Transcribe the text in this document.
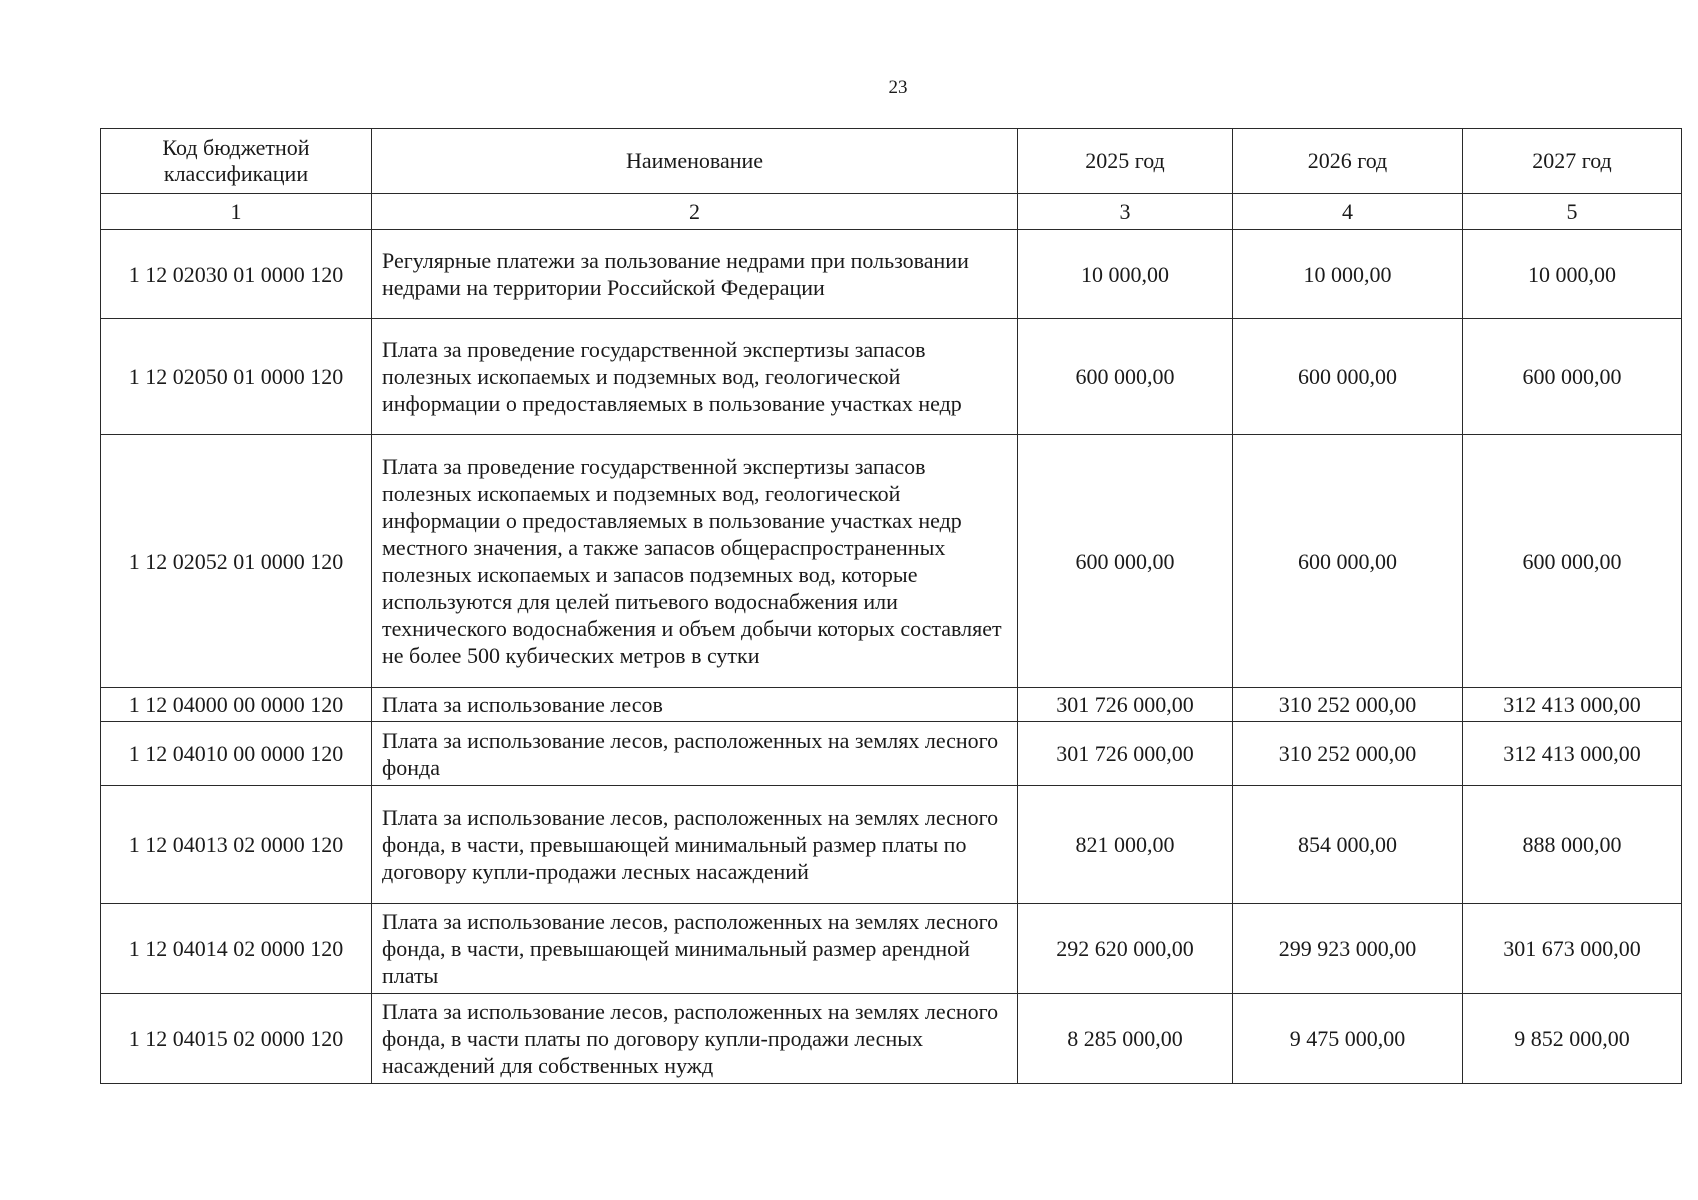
23
Код бюджетной классификации	Наименование	2025 год	2026 год	2027 год
1	2	3	4	5
1 12 02030 01 0000 120	Регулярные платежи за пользование недрами при пользовании недрами на территории Российской Федерации	10 000,00	10 000,00	10 000,00
1 12 02050 01 0000 120	Плата за проведение государственной экспертизы запасов полезных ископаемых и подземных вод, геологической информации о предоставляемых в пользование участках недр	600 000,00	600 000,00	600 000,00
1 12 02052 01 0000 120	Плата за проведение государственной экспертизы запасов полезных ископаемых и подземных вод, геологической информации о предоставляемых в пользование участках недр местного значения, а также запасов общераспространенных полезных ископаемых и запасов подземных вод, которые используются для целей питьевого водоснабжения или технического водоснабжения и объем добычи которых составляет не более 500 кубических метров в сутки	600 000,00	600 000,00	600 000,00
1 12 04000 00 0000 120	Плата за использование лесов	301 726 000,00	310 252 000,00	312 413 000,00
1 12 04010 00 0000 120	Плата за использование лесов, расположенных на землях лесного фонда	301 726 000,00	310 252 000,00	312 413 000,00
1 12 04013 02 0000 120	Плата за использование лесов, расположенных на землях лесного фонда, в части, превышающей минимальный размер платы по договору купли-продажи лесных насаждений	821 000,00	854 000,00	888 000,00
1 12 04014 02 0000 120	Плата за использование лесов, расположенных на землях лесного фонда, в части, превышающей минимальный размер арендной платы	292 620 000,00	299 923 000,00	301 673 000,00
1 12 04015 02 0000 120	Плата за использование лесов, расположенных на землях лесного фонда, в части платы по договору купли-продажи лесных насаждений для собственных нужд	8 285 000,00	9 475 000,00	9 852 000,00
